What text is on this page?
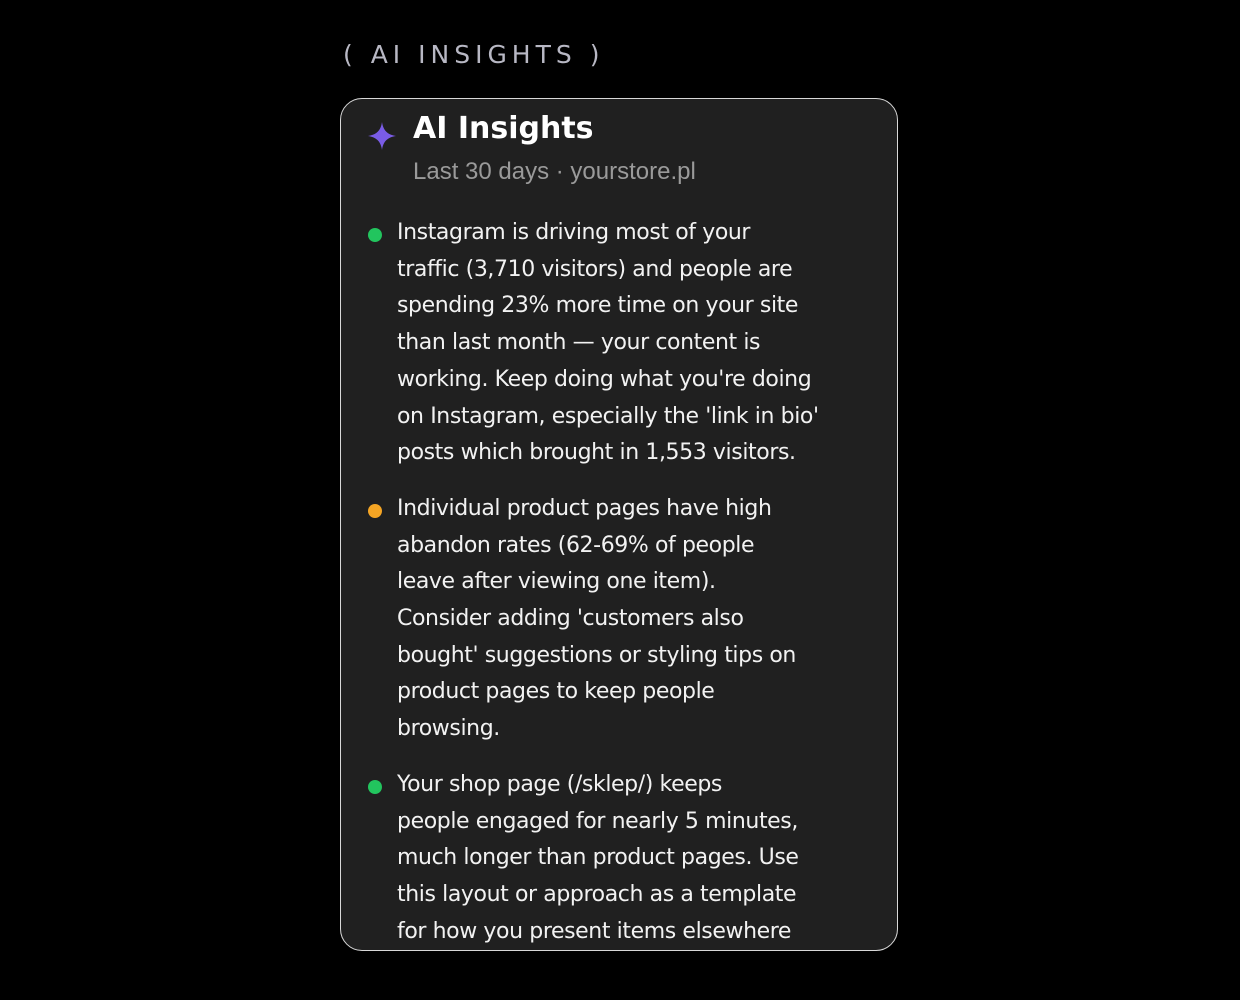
( AI INSIGHTS )
AI Insights
Last 30 days · yourstore.pl
Instagram is driving most of your
traffic (3,710 visitors) and people are
spending 23% more time on your site
than last month — your content is
working. Keep doing what you're doing
on Instagram, especially the 'link in bio'
posts which brought in 1,553 visitors.
Individual product pages have high
abandon rates (62-69% of people
leave after viewing one item).
Consider adding 'customers also
bought' suggestions or styling tips on
product pages to keep people
browsing.
Your shop page (/sklep/) keeps
people engaged for nearly 5 minutes,
much longer than product pages. Use
this layout or approach as a template
for how you present items elsewhere
